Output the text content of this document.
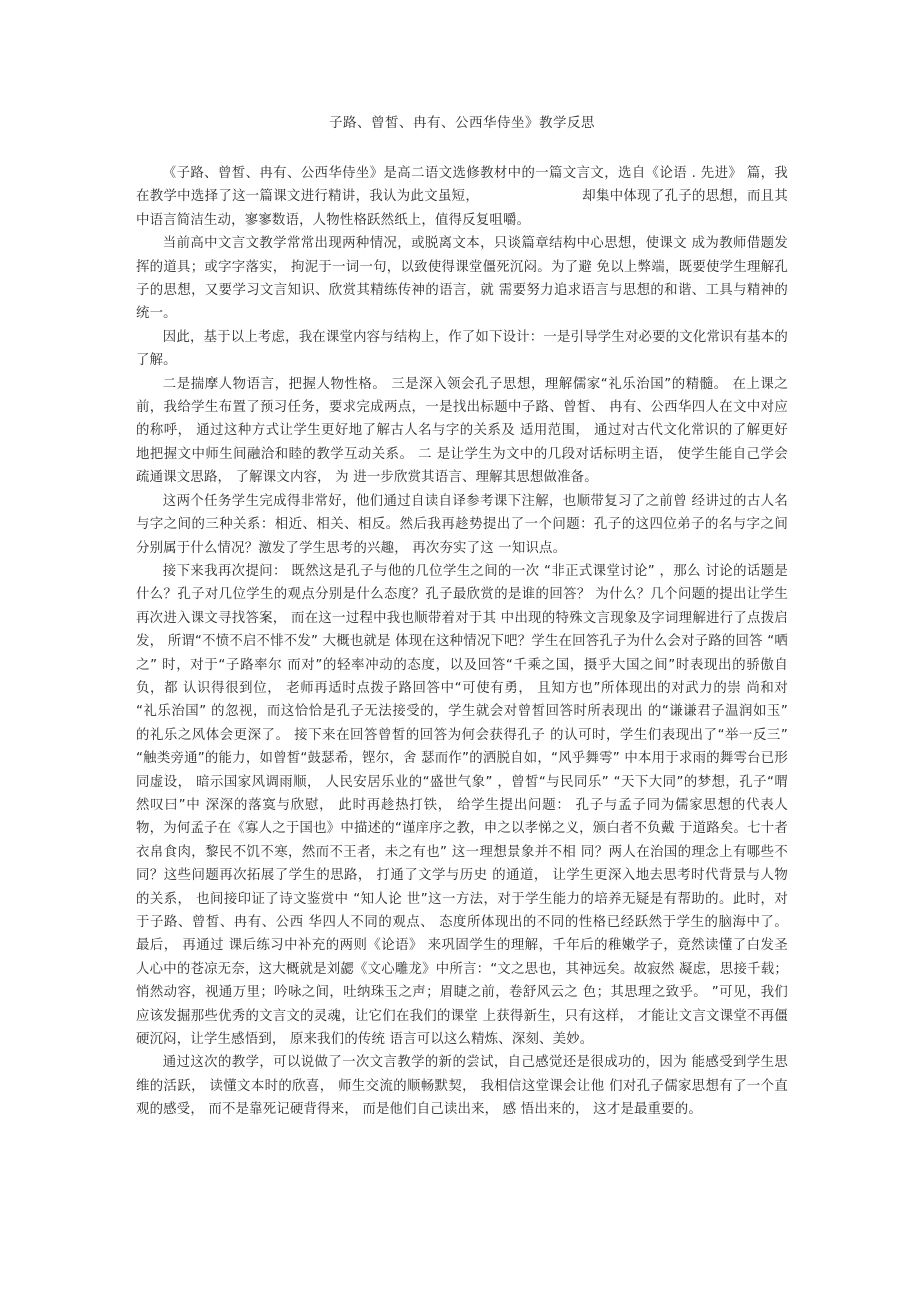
子路、曾皙、冉有、公西华侍坐》教学反思

《子路、曾皙、冉有、公西华侍坐》是高二语文选修教材中的一篇文言文，选自《论语 . 先进》 篇，我在教学中选择了这一篇课文进行精讲，我认为此文虽短，　　　　　　　　却集中体现了孔子的思想，而且其中语言简洁生动，寥寥数语，人物性格跃然纸上，值得反复咀嚼。

当前高中文言文教学常常出现两种情况，或脱离文本，只谈篇章结构中心思想，使课文 成为教师借题发挥的道具；或字字落实， 拘泥于一词一句，以致使得课堂僵死沉闷。为了避 免以上弊端，既要使学生理解孔子的思想，又要学习文言知识、欣赏其精练传神的语言，就 需要努力追求语言与思想的和谐、工具与精神的统一。

因此，基于以上考虑，我在课堂内容与结构上，作了如下设计：一是引导学生对必要的文化常识有基本的了解。

二是揣摩人物语言，把握人物性格。 三是深入领会孔子思想，理解儒家“礼乐治国”的精髓。 在上课之前，我给学生布置了预习任务，要求完成两点，一是找出标题中子路、曾皙、 冉有、公西华四人在文中对应的称呼， 通过这种方式让学生更好地了解古人名与字的关系及 适用范围， 通过对古代文化常识的了解更好地把握文中师生间融洽和睦的教学互动关系。 二 是让学生为文中的几段对话标明主语， 使学生能自己学会疏通课文思路， 了解课文内容， 为 进一步欣赏其语言、理解其思想做准备。

这两个任务学生完成得非常好，他们通过自读自译参考课下注解，也顺带复习了之前曾 经讲过的古人名与字之间的三种关系：相近、相关、相反。然后我再趁势提出了一个问题：孔子的这四位弟子的名与字之间分别属于什么情况？激发了学生思考的兴趣， 再次夯实了这 一知识点。

接下来我再次提问： 既然这是孔子与他的几位学生之间的一次 “非正式课堂讨论” ，那么 讨论的话题是什么？孔子对几位学生的观点分别是什么态度？孔子最欣赏的是谁的回答？ 为什么？几个问题的提出让学生再次进入课文寻找答案， 而在这一过程中我也顺带着对于其 中出现的特殊文言现象及字词理解进行了点拨启发， 所谓“不愤不启不悱不发” 大概也就是 体现在这种情况下吧？学生在回答孔子为什么会对子路的回答 “哂之” 时，对于“子路率尔 而对”的轻率冲动的态度，以及回答“千乘之国，摄乎大国之间”时表现出的骄傲自负，都 认识得很到位， 老师再适时点拨子路回答中“可使有勇， 且知方也”所体现出的对武力的崇 尚和对 “礼乐治国” 的忽视，而这恰恰是孔子无法接受的，学生就会对曾皙回答时所表现出 的“谦谦君子温润如玉” 的礼乐之风体会更深了。 接下来在回答曾皙的回答为何会获得孔子 的认可时，学生们表现出了“举一反三” “触类旁通”的能力，如曾皙“鼓瑟希，铿尔，舍 瑟而作”的洒脱自如，“风乎舞雩” 中本用于求雨的舞雩台已形同虚设， 暗示国家风调雨顺， 人民安居乐业的“盛世气象” ，曾皙“与民同乐” “天下大同”的梦想，孔子“喟然叹曰”中 深深的落寞与欣慰， 此时再趁热打铁， 给学生提出问题： 孔子与孟子同为儒家思想的代表人 物，为何孟子在《寡人之于国也》中描述的“谨庠序之教，申之以孝悌之义，颁白者不负戴 于道路矣。七十者衣帛食肉，黎民不饥不寒，然而不王者，未之有也” 这一理想景象并不相 同？两人在治国的理念上有哪些不同？这些问题再次拓展了学生的思路， 打通了文学与历史 的通道， 让学生更深入地去思考时代背景与人物的关系， 也间接印证了诗文鉴赏中 “知人论 世”这一方法，对于学生能力的培养无疑是有帮助的。此时，对于子路、曾皙、冉有、公西 华四人不同的观点、 态度所体现出的不同的性格已经跃然于学生的脑海中了。 最后， 再通过 课后练习中补充的两则《论语》 来巩固学生的理解，千年后的稚嫩学子，竟然读懂了白发圣 人心中的苍凉无奈，这大概就是刘勰《文心雕龙》中所言：“文之思也，其神远矣。故寂然 凝虑，思接千载；悄然动容，视通万里；吟咏之间，吐纳珠玉之声；眉睫之前，卷舒风云之 色；其思理之致乎。 ”可见，我们应该发掘那些优秀的文言文的灵魂，让它们在我们的课堂 上获得新生，只有这样， 才能让文言文课堂不再僵硬沉闷，让学生感悟到， 原来我们的传统 语言可以这么精炼、深刻、美妙。

通过这次的教学，可以说做了一次文言教学的新的尝试，自己感觉还是很成功的，因为 能感受到学生思维的活跃， 读懂文本时的欣喜， 师生交流的顺畅默契， 我相信这堂课会让他 们对孔子儒家思想有了一个直观的感受， 而不是靠死记硬背得来， 而是他们自己读出来， 感 悟出来的， 这才是最重要的。
